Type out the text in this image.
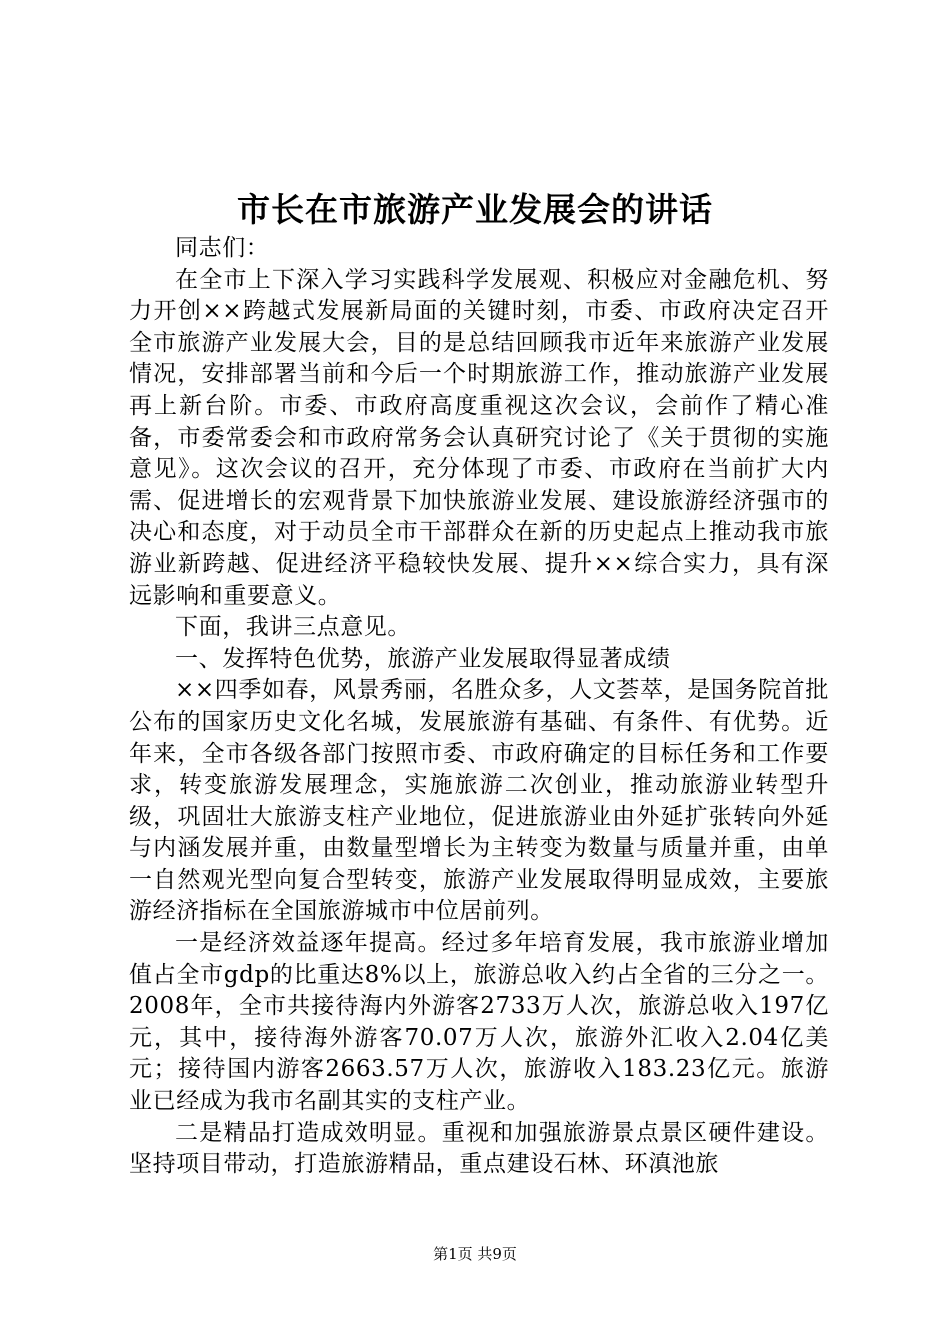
市长在市旅游产业发展会的讲话

同志们：

在全市上下深入学习实践科学发展观、积极应对金融危机、努力开创××跨越式发展新局面的关键时刻，市委、市政府决定召开全市旅游产业发展大会，目的是总结回顾我市近年来旅游产业发展情况，安排部署当前和今后一个时期旅游工作，推动旅游产业发展再上新台阶。市委、市政府高度重视这次会议，会前作了精心准备，市委常委会和市政府常务会认真研究讨论了《关于贯彻的实施意见》。这次会议的召开，充分体现了市委、市政府在当前扩大内需、促进增长的宏观背景下加快旅游业发展、建设旅游经济强市的决心和态度，对于动员全市干部群众在新的历史起点上推动我市旅游业新跨越、促进经济平稳较快发展、提升××综合实力，具有深远影响和重要意义。

下面，我讲三点意见。

一、发挥特色优势，旅游产业发展取得显著成绩

××四季如春，风景秀丽，名胜众多，人文荟萃，是国务院首批公布的国家历史文化名城，发展旅游有基础、有条件、有优势。近年来，全市各级各部门按照市委、市政府确定的目标任务和工作要求，转变旅游发展理念，实施旅游二次创业，推动旅游业转型升级，巩固壮大旅游支柱产业地位，促进旅游业由外延扩张转向外延与内涵发展并重，由数量型增长为主转变为数量与质量并重，由单一自然观光型向复合型转变，旅游产业发展取得明显成效，主要旅游经济指标在全国旅游城市中位居前列。

一是经济效益逐年提高。经过多年培育发展，我市旅游业增加值占全市gdp的比重达8%以上，旅游总收入约占全省的三分之一。2008年，全市共接待海内外游客2733万人次，旅游总收入197亿元，其中，接待海外游客70.07万人次，旅游外汇收入2.04亿美元；接待国内游客2663.57万人次，旅游收入183.23亿元。旅游业已经成为我市名副其实的支柱产业。

二是精品打造成效明显。重视和加强旅游景点景区硬件建设。坚持项目带动，打造旅游精品，重点建设石林、环滇池旅

第1页 共9页
